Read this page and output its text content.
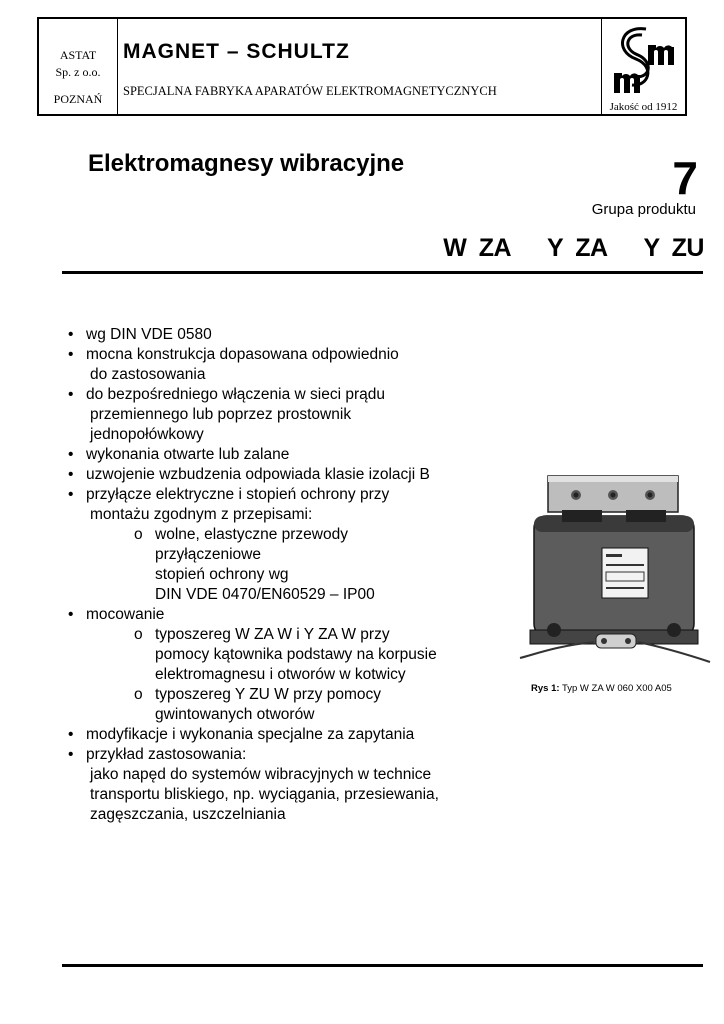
ASTAT
Sp. z o.o.
POZNAŃ
MAGNET – SCHULTZ
SPECJALNA FABRYKA APARATÓW ELEKTROMAGNETYCZNYCH
Jakość od 1912
Elektromagnesy wibracyjne	7
Grupa produktu
W ZA   Y ZA   Y ZU
• wg DIN VDE 0580
• mocna konstrukcja dopasowana odpowiednio
do zastosowania
• do bezpośredniego włączenia w sieci prądu
przemiennego lub poprzez prostownik
jednopołówkowy
• wykonania otwarte lub zalane
• uzwojenie wzbudzenia odpowiada klasie izolacji B
• przyłącze elektryczne i stopień ochrony przy
montażu zgodnym z przepisami:
o wolne, elastyczne przewody
przyłączeniowe
stopień ochrony wg
DIN VDE 0470/EN60529 – IP00
• mocowanie
o typoszereg W ZA W i Y ZA W przy
pomocy kątownika podstawy na korpusie
elektromagnesu i otworów w kotwicy
o typoszereg Y ZU W przy pomocy
gwintowanych otworów
• modyfikacje i wykonania specjalne za zapytania
• przykład zastosowania:
jako napęd do systemów wibracyjnych w technice
transportu bliskiego, np. wyciągania, przesiewania,
zagęszczania, uszczelniania
Rys 1: Typ W ZA W 060 X00 A05
